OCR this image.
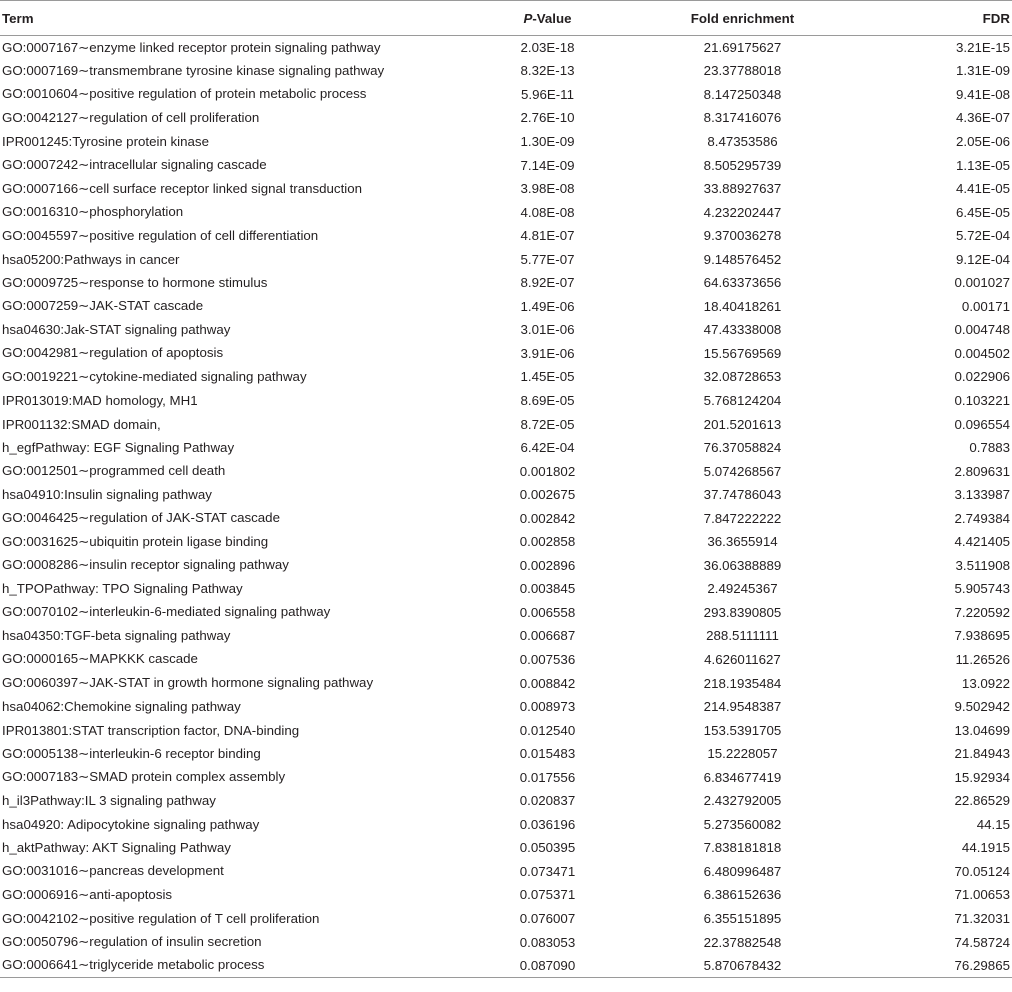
Term	P-Value	Fold enrichment	FDR
GO:0007167∼enzyme linked receptor protein signaling pathway	2.03E-18	21.69175627	3.21E-15
GO:0007169∼transmembrane tyrosine kinase signaling pathway	8.32E-13	23.37788018	1.31E-09
GO:0010604∼positive regulation of protein metabolic process	5.96E-11	8.147250348	9.41E-08
GO:0042127∼regulation of cell proliferation	2.76E-10	8.317416076	4.36E-07
IPR001245:Tyrosine protein kinase	1.30E-09	8.47353586	2.05E-06
GO:0007242∼intracellular signaling cascade	7.14E-09	8.505295739	1.13E-05
GO:0007166∼cell surface receptor linked signal transduction	3.98E-08	33.88927637	4.41E-05
GO:0016310∼phosphorylation	4.08E-08	4.232202447	6.45E-05
GO:0045597∼positive regulation of cell differentiation	4.81E-07	9.370036278	5.72E-04
hsa05200:Pathways in cancer	5.77E-07	9.148576452	9.12E-04
GO:0009725∼response to hormone stimulus	8.92E-07	64.63373656	0.001027
GO:0007259∼JAK-STAT cascade	1.49E-06	18.40418261	0.00171
hsa04630:Jak-STAT signaling pathway	3.01E-06	47.43338008	0.004748
GO:0042981∼regulation of apoptosis	3.91E-06	15.56769569	0.004502
GO:0019221∼cytokine-mediated signaling pathway	1.45E-05	32.08728653	0.022906
IPR013019:MAD homology, MH1	8.69E-05	5.768124204	0.103221
IPR001132:SMAD domain,	8.72E-05	201.5201613	0.096554
h_egfPathway: EGF Signaling Pathway	6.42E-04	76.37058824	0.7883
GO:0012501∼programmed cell death	0.001802	5.074268567	2.809631
hsa04910:Insulin signaling pathway	0.002675	37.74786043	3.133987
GO:0046425∼regulation of JAK-STAT cascade	0.002842	7.847222222	2.749384
GO:0031625∼ubiquitin protein ligase binding	0.002858	36.3655914	4.421405
GO:0008286∼insulin receptor signaling pathway	0.002896	36.06388889	3.511908
h_TPOPathway: TPO Signaling Pathway	0.003845	2.49245367	5.905743
GO:0070102∼interleukin-6-mediated signaling pathway	0.006558	293.8390805	7.220592
hsa04350:TGF-beta signaling pathway	0.006687	288.5111111	7.938695
GO:0000165∼MAPKKK cascade	0.007536	4.626011627	11.26526
GO:0060397∼JAK-STAT in growth hormone signaling pathway	0.008842	218.1935484	13.0922
hsa04062:Chemokine signaling pathway	0.008973	214.9548387	9.502942
IPR013801:STAT transcription factor, DNA-binding	0.012540	153.5391705	13.04699
GO:0005138∼interleukin-6 receptor binding	0.015483	15.2228057	21.84943
GO:0007183∼SMAD protein complex assembly	0.017556	6.834677419	15.92934
h_il3Pathway:IL 3 signaling pathway	0.020837	2.432792005	22.86529
hsa04920: Adipocytokine signaling pathway	0.036196	5.273560082	44.15
h_aktPathway: AKT Signaling Pathway	0.050395	7.838181818	44.1915
GO:0031016∼pancreas development	0.073471	6.480996487	70.05124
GO:0006916∼anti-apoptosis	0.075371	6.386152636	71.00653
GO:0042102∼positive regulation of T cell proliferation	0.076007	6.355151895	71.32031
GO:0050796∼regulation of insulin secretion	0.083053	22.37882548	74.58724
GO:0006641∼triglyceride metabolic process	0.087090	5.870678432	76.29865
